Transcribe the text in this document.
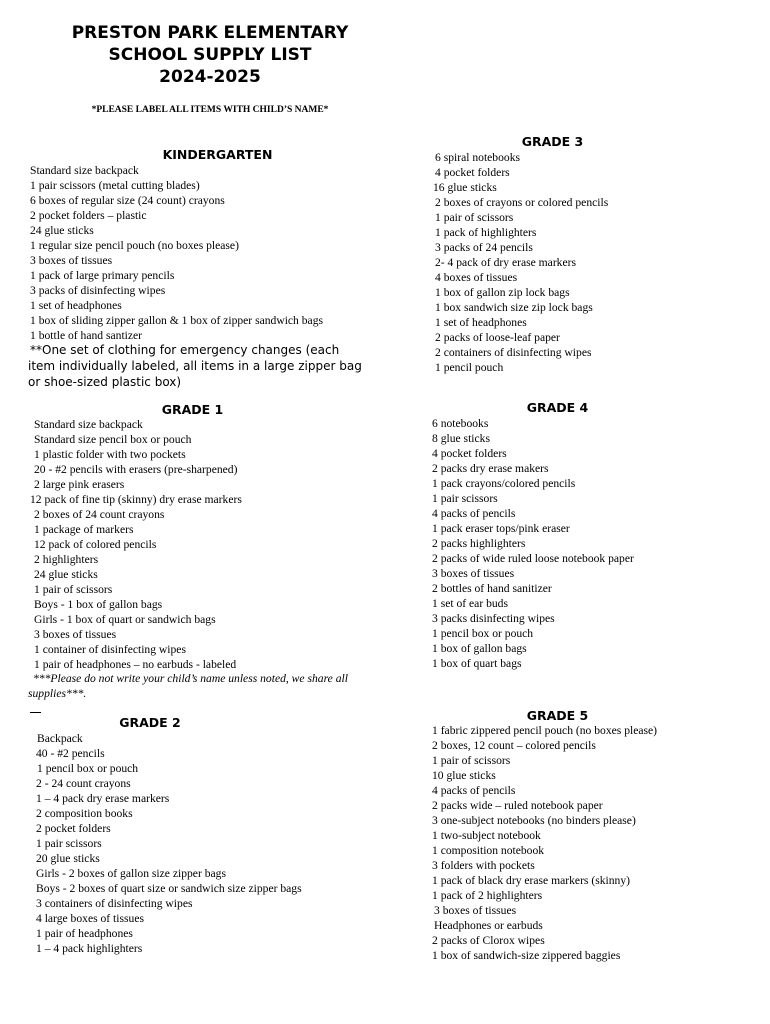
PRESTON PARK ELEMENTARY
SCHOOL SUPPLY LIST
2024-2025
*PLEASE LABEL ALL ITEMS WITH CHILD’S NAME*
KINDERGARTEN
Standard size backpack
1 pair scissors (metal cutting blades)
6 boxes of regular size (24 count) crayons
2 pocket folders – plastic
24 glue sticks
1 regular size pencil pouch (no boxes please)
3 boxes of tissues
1 pack of large primary pencils
3 packs of disinfecting wipes
1 set of headphones
1 box of sliding zipper gallon & 1 box of zipper sandwich bags
1 bottle of hand santizer
**One set of clothing for emergency changes (each
item individually labeled, all items in a large zipper bag
or shoe-sized plastic box)
GRADE 1
Standard size backpack
Standard size pencil box or pouch
1 plastic folder with two pockets
20 - #2 pencils with erasers (pre-sharpened)
2 large pink erasers
12 pack of fine tip (skinny) dry erase markers
2 boxes of 24 count crayons
1 package of markers
12 pack of colored pencils
2 highlighters
24 glue sticks
1 pair of scissors
Boys - 1 box of gallon bags
Girls - 1 box of quart or sandwich bags
3 boxes of tissues
1 container of disinfecting wipes
1 pair of headphones – no earbuds - labeled
***Please do not write your child’s name unless noted, we share all
supplies***.
GRADE 2
Backpack
40 - #2 pencils
1 pencil box or pouch
2 - 24 count crayons
1 – 4 pack dry erase markers
2 composition books
2 pocket folders
1 pair scissors
20 glue sticks
Girls - 2 boxes of gallon size zipper bags
Boys - 2 boxes of quart size or sandwich size zipper bags
3 containers of disinfecting wipes
4 large boxes of tissues
1 pair of headphones
1 – 4 pack highlighters
GRADE 3
6 spiral notebooks
4 pocket folders
16 glue sticks
2 boxes of crayons or colored pencils
1 pair of scissors
1 pack of highlighters
3 packs of 24 pencils
2- 4 pack of dry erase markers
4 boxes of tissues
1 box of gallon zip lock bags
1 box sandwich size zip lock bags
1 set of headphones
2 packs of loose-leaf paper
2 containers of disinfecting wipes
1 pencil pouch
GRADE 4
6 notebooks
8 glue sticks
4 pocket folders
2 packs dry erase makers
1 pack crayons/colored pencils
1 pair scissors
4 packs of pencils
1 pack eraser tops/pink eraser
2 packs highlighters
2 packs of wide ruled loose notebook paper
3 boxes of tissues
2 bottles of hand sanitizer
1 set of ear buds
3 packs disinfecting wipes
1 pencil box or pouch
1 box of gallon bags
1 box of quart bags
GRADE 5
1 fabric zippered pencil pouch (no boxes please)
2 boxes, 12 count – colored pencils
1 pair of scissors
10 glue sticks
4 packs of pencils
2 packs wide – ruled notebook paper
3 one-subject notebooks (no binders please)
1 two-subject notebook
1 composition notebook
3 folders with pockets
1 pack of black dry erase markers (skinny)
1 pack of 2 highlighters
3 boxes of tissues
Headphones or earbuds
2 packs of Clorox wipes
1 box of sandwich-size zippered baggies
